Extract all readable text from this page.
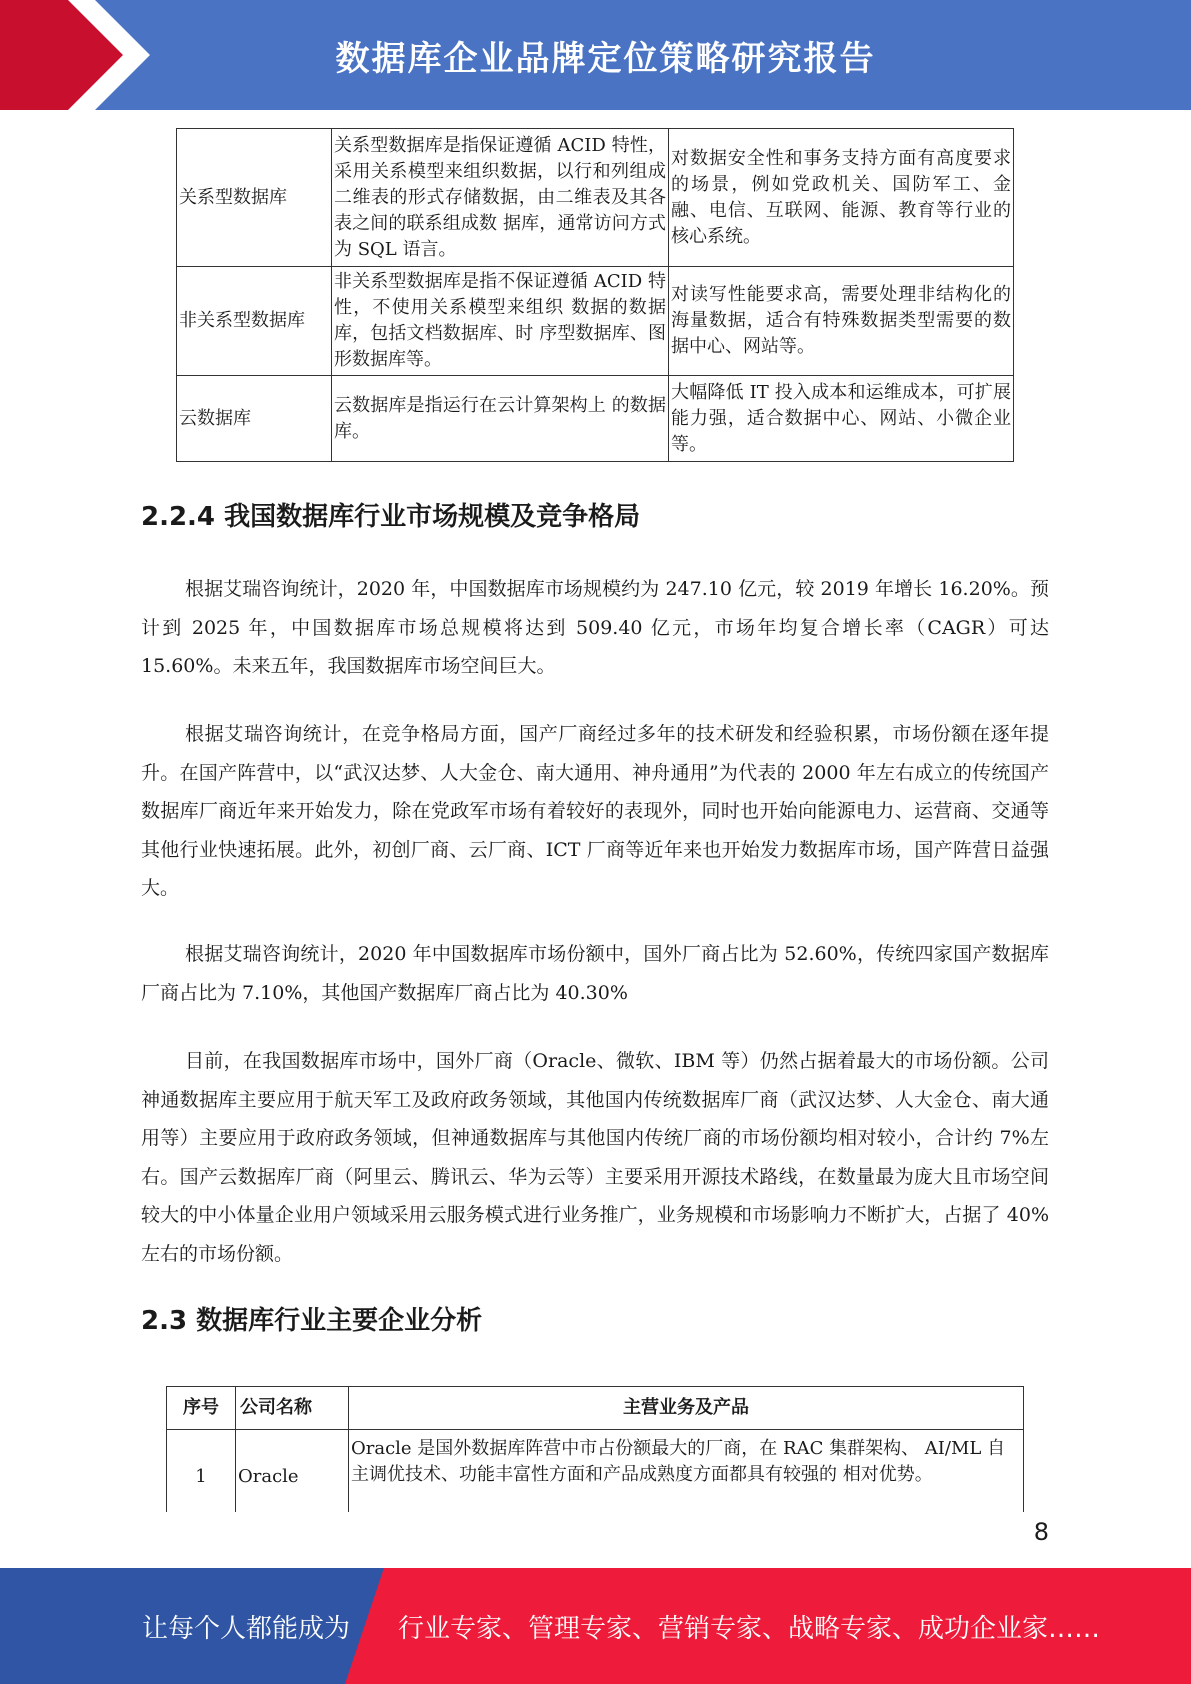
数据库企业品牌定位策略研究报告
关系型数据库	关系型数据库是指保证遵循 ACID 特性，采用关系模型来组织数据，以行和列组成二维表的形式存储数据，由二维表及其各表之间的联系组成数 据库，通常访问方式为 SQL 语言。	对数据安全性和事务支持方面有高度要求的场景，例如党政机关、国防军工、金融、电信、互联网、能源、教育等行业的核心系统。
非关系型数据库	非关系型数据库是指不保证遵循 ACID 特性，不使用关系模型来组织 数据的数据库，包括文档数据库、时 序型数据库、图形数据库等。	对读写性能要求高，需要处理非结构化的海量数据，适合有特殊数据类型需要的数据中心、网站等。
云数据库	云数据库是指运行在云计算架构上 的数据库。	大幅降低 IT 投入成本和运维成本，可扩展能力强，适合数据中心、网站、小微企业等。
2.2.4 我国数据库行业市场规模及竞争格局

根据艾瑞咨询统计，2020 年，中国数据库市场规模约为 247.10 亿元，较 2019 年增长 16.20%。预计到 2025 年，中国数据库市场总规模将达到 509.40 亿元，市场年均复合增长率（CAGR）可达 15.60%。未来五年，我国数据库市场空间巨大。

根据艾瑞咨询统计，在竞争格局方面，国产厂商经过多年的技术研发和经验积累，市场份额在逐年提升。在国产阵营中，以“武汉达梦、人大金仓、南大通用、神舟通用”为代表的 2000 年左右成立的传统国产数据库厂商近年来开始发力，除在党政军市场有着较好的表现外，同时也开始向能源电力、运营商、交通等其他行业快速拓展。此外，初创厂商、云厂商、ICT 厂商等近年来也开始发力数据库市场，国产阵营日益强大。

根据艾瑞咨询统计，2020 年中国数据库市场份额中，国外厂商占比为 52.60%，传统四家国产数据库厂商占比为 7.10%，其他国产数据库厂商占比为 40.30%

目前，在我国数据库市场中，国外厂商（Oracle、微软、IBM 等）仍然占据着最大的市场份额。公司神通数据库主要应用于航天军工及政府政务领域，其他国内传统数据库厂商（武汉达梦、人大金仓、南大通用等）主要应用于政府政务领域，但神通数据库与其他国内传统厂商的市场份额均相对较小，合计约 7%左右。国产云数据库厂商（阿里云、腾讯云、华为云等）主要采用开源技术路线，在数量最为庞大且市场空间较大的中小体量企业用户领域采用云服务模式进行业务推广，业务规模和市场影响力不断扩大，占据了 40%左右的市场份额。

2.3 数据库行业主要企业分析
序号	公司名称	主营业务及产品
1	Oracle	Oracle 是国外数据库阵营中市占份额最大的厂商，在 RAC 集群架构、 AI/ML 自主调优技术、功能丰富性方面和产品成熟度方面都具有较强的 相对优势。
8
让每个人都能成为 行业专家、管理专家、营销专家、战略专家、成功企业家……
